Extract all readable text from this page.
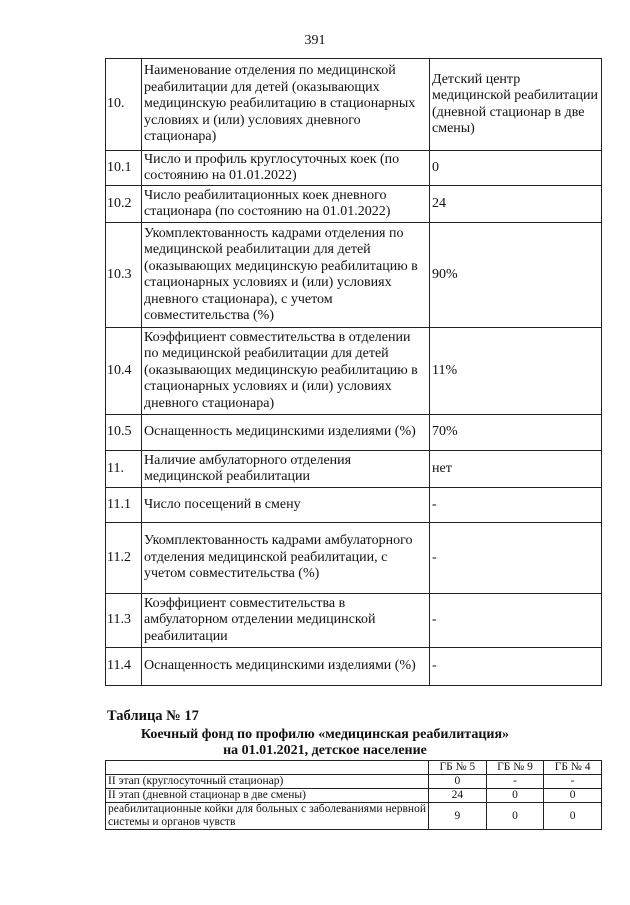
391
10.	Наименование отделения по медицинской реабилитации для детей (оказывающих медицинскую реабилитацию в стационарных условиях и (или) условиях дневного стационара)	Детский центр медицинской реабилитации (дневной стационар в две смены)
10.1	Число и профиль круглосуточных коек (по состоянию на 01.01.2022)	0
10.2	Число реабилитационных коек дневного стационара (по состоянию на 01.01.2022)	24
10.3	Укомплектованность кадрами отделения по медицинской реабилитации для детей (оказывающих медицинскую реабилитацию в стационарных условиях и (или) условиях дневного стационара), с учетом совместительства (%)	90%
10.4	Коэффициент совместительства в отделении по медицинской реабилитации для детей (оказывающих медицинскую реабилитацию в стационарных условиях и (или) условиях дневного стационара)	11%
10.5	Оснащенность медицинскими изделиями (%)	70%
11.	Наличие амбулаторного отделения медицинской реабилитации	нет
11.1	Число посещений в смену	-
11.2	Укомплектованность кадрами амбулаторного отделения медицинской реабилитации, с учетом совместительства (%)	-
11.3	Коэффициент совместительства в амбулаторном отделении медицинской реабилитации	-
11.4	Оснащенность медицинскими изделиями (%)	-
Таблица № 17
Коечный фонд по профилю «медицинская реабилитация»
на 01.01.2021, детское население
	ГБ № 5	ГБ № 9	ГБ № 4
II этап (круглосуточный стационар)	0	-	-
II этап (дневной стационар в две смены)	24	0	0
реабилитационные койки для больных с заболеваниями нервной системы и органов чувств	9	0	0
